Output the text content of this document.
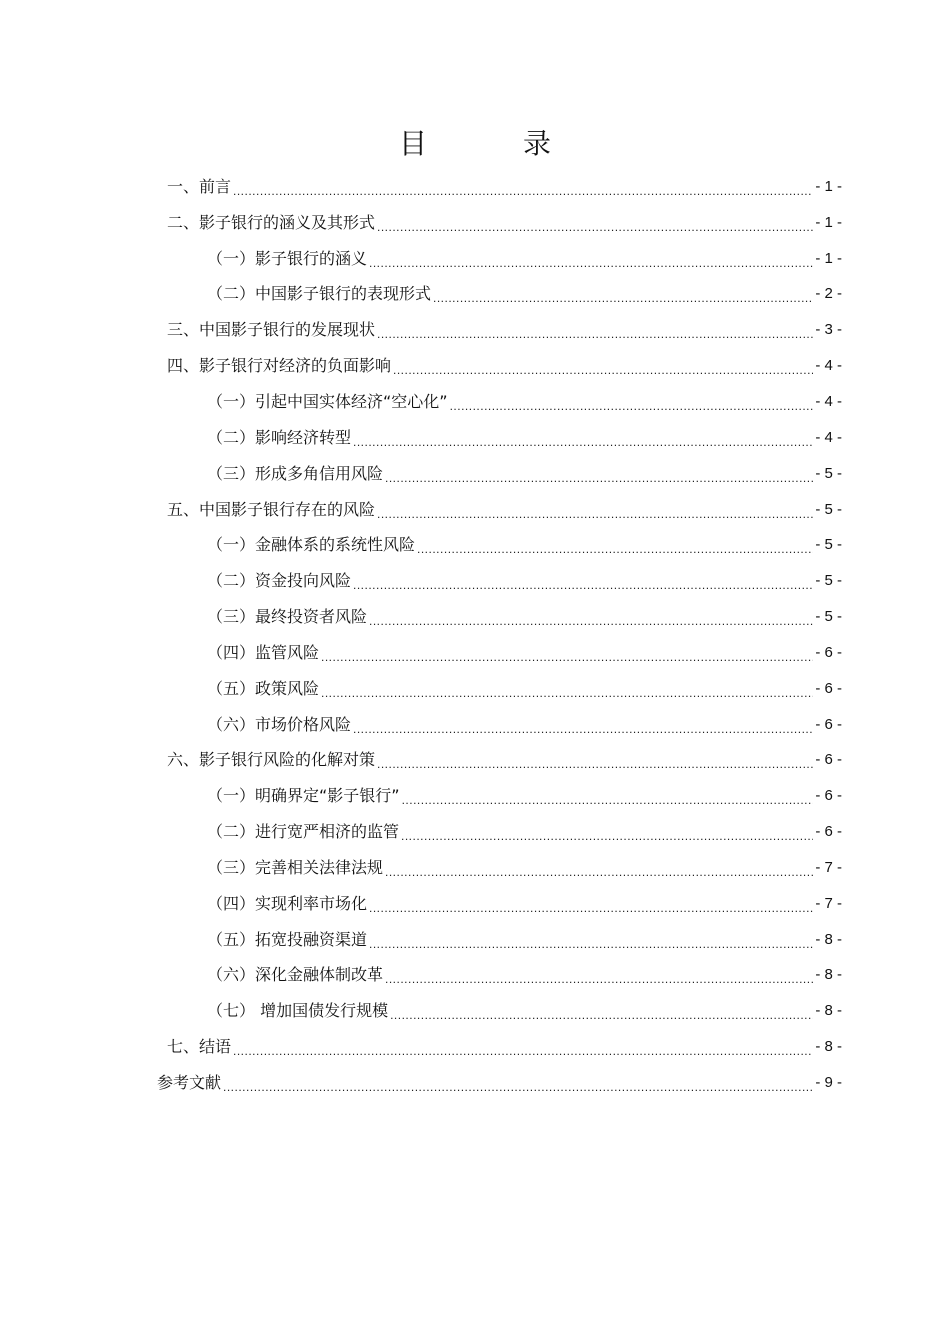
目　录
一、前言 .....	- 1 -
二、影子银行的涵义及其形式 .....	- 1 -
（一）影子银行的涵义 .....	- 1 -
（二）中国影子银行的表现形式 .....	- 2 -
三、中国影子银行的发展现状 .....	- 3 -
四、影子银行对经济的负面影响 .....	- 4 -
（一）引起中国实体经济“空心化” .....	- 4 -
（二）影响经济转型 .....	- 4 -
（三）形成多角信用风险 .....	- 5 -
五、中国影子银行存在的风险 .....	- 5 -
（一）金融体系的系统性风险 .....	- 5 -
（二）资金投向风险 .....	- 5 -
（三）最终投资者风险 .....	- 5 -
（四）监管风险 .....	- 6 -
（五）政策风险 .....	- 6 -
（六）市场价格风险 .....	- 6 -
六、影子银行风险的化解对策 .....	- 6 -
（一）明确界定“影子银行” .....	- 6 -
（二）进行宽严相济的监管 .....	- 6 -
（三）完善相关法律法规 .....	- 7 -
（四）实现利率市场化 .....	- 7 -
（五）拓宽投融资渠道 .....	- 8 -
（六）深化金融体制改革 .....	- 8 -
（七） 增加国债发行规模 .....	- 8 -
七、结语 .....	- 8 -
参考文献 .....	- 9 -
